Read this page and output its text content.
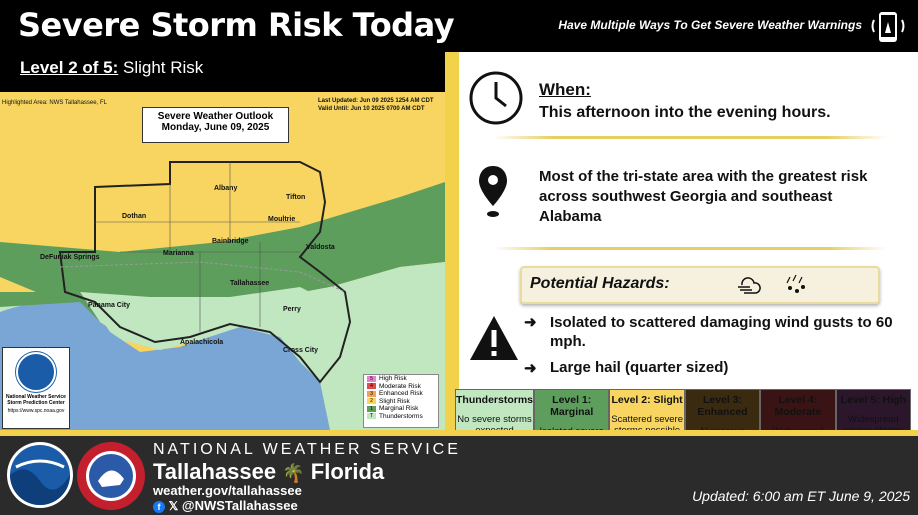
Severe Storm Risk Today	Have Multiple Ways To Get Severe Weather Warnings
Level 2 of 5: Slight Risk
Highlighted Area: NWS Tallahassee, FL	Last Updated: Jun 09 2025 1254 AM CDT
Valid Until: Jun 10 2025 0700 AM CDT
Severe Weather Outlook
Monday, June 09, 2025
Albany
Tifton
Dothan	Moultrie
Bainbridge
DeFuniak Springs
Marianna
Valdosta
Tallahassee
Panama City
Perry
Apalachicola
Cross City
National Weather Service Storm Prediction Center
https://www.spc.noaa.gov
5 High Risk
4 Moderate Risk
3 Enhanced Risk
2 Slight Risk
1 Marginal Risk
T Thunderstorms
When:
This afternoon into the evening hours.
Most of the tri-state area with the greatest risk across southwest Georgia and southeast Alabama
Potential Hazards:
➜ Isolated to scattered damaging wind gusts to 60 mph.
➜ Large hail (quarter sized)
Thunderstorms
No severe storms
Level 1: Marginal
Level 2: Slight
Scattered severe
Level 3: Enhanced
Level 4: Moderate
Level 5: High
Widespread
NATIONAL WEATHER SERVICE
Tallahassee 🌴 Florida
weather.gov/tallahassee
f 𝕏 @NWSTallahassee
Updated: 6:00 am ET June 9, 2025
